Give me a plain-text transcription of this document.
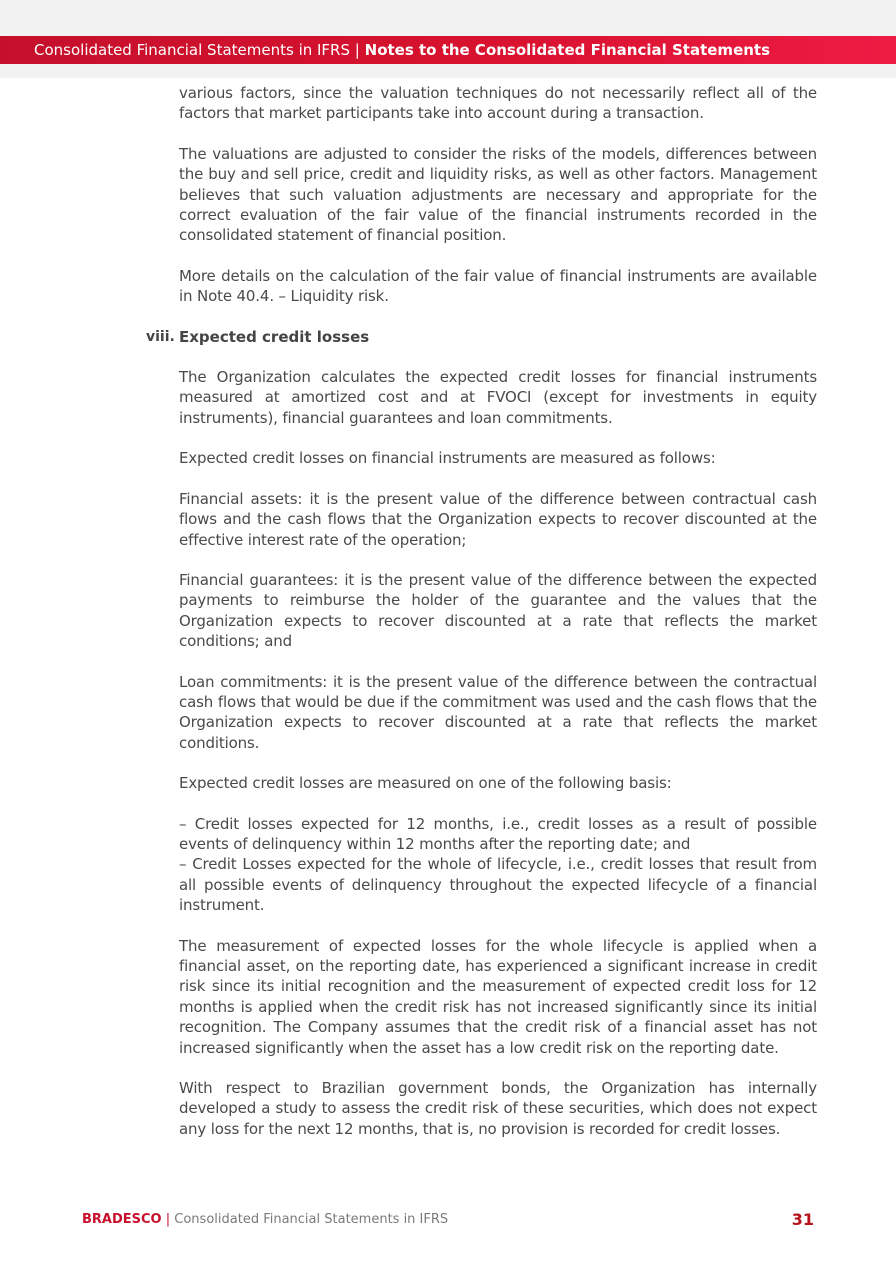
Consolidated Financial Statements in IFRS | Notes to the Consolidated Financial Statements

various factors, since the valuation techniques do not necessarily reflect all of the factors that market participants take into account during a transaction.

The valuations are adjusted to consider the risks of the models, differences between the buy and sell price, credit and liquidity risks, as well as other factors. Management believes that such valuation adjustments are necessary and appropriate for the correct evaluation of the fair value of the financial instruments recorded in the consolidated statement of financial position.

More details on the calculation of the fair value of financial instruments are available in Note 40.4. – Liquidity risk.

viii. Expected credit losses

The Organization calculates the expected credit losses for financial instruments measured at amortized cost and at FVOCI (except for investments in equity instruments), financial guarantees and loan commitments.

Expected credit losses on financial instruments are measured as follows:

Financial assets: it is the present value of the difference between contractual cash flows and the cash flows that the Organization expects to recover discounted at the effective interest rate of the operation;

Financial guarantees: it is the present value of the difference between the expected payments to reimburse the holder of the guarantee and the values that the Organization expects to recover discounted at a rate that reflects the market conditions; and

Loan commitments: it is the present value of the difference between the contractual cash flows that would be due if the commitment was used and the cash flows that the Organization expects to recover discounted at a rate that reflects the market conditions.

Expected credit losses are measured on one of the following basis:

– Credit losses expected for 12 months, i.e., credit losses as a result of possible events of delinquency within 12 months after the reporting date; and

– Credit Losses expected for the whole of lifecycle, i.e., credit losses that result from all possible events of delinquency throughout the expected lifecycle of a financial instrument.

The measurement of expected losses for the whole lifecycle is applied when a financial asset, on the reporting date, has experienced a significant increase in credit risk since its initial recognition and the measurement of expected credit loss for 12 months is applied when the credit risk has not increased significantly since its initial recognition. The Company assumes that the credit risk of a financial asset has not increased significantly when the asset has a low credit risk on the reporting date.

With respect to Brazilian government bonds, the Organization has internally developed a study to assess the credit risk of these securities, which does not expect any loss for the next 12 months, that is, no provision is recorded for credit losses.

BRADESCO | Consolidated Financial Statements in IFRS	31
